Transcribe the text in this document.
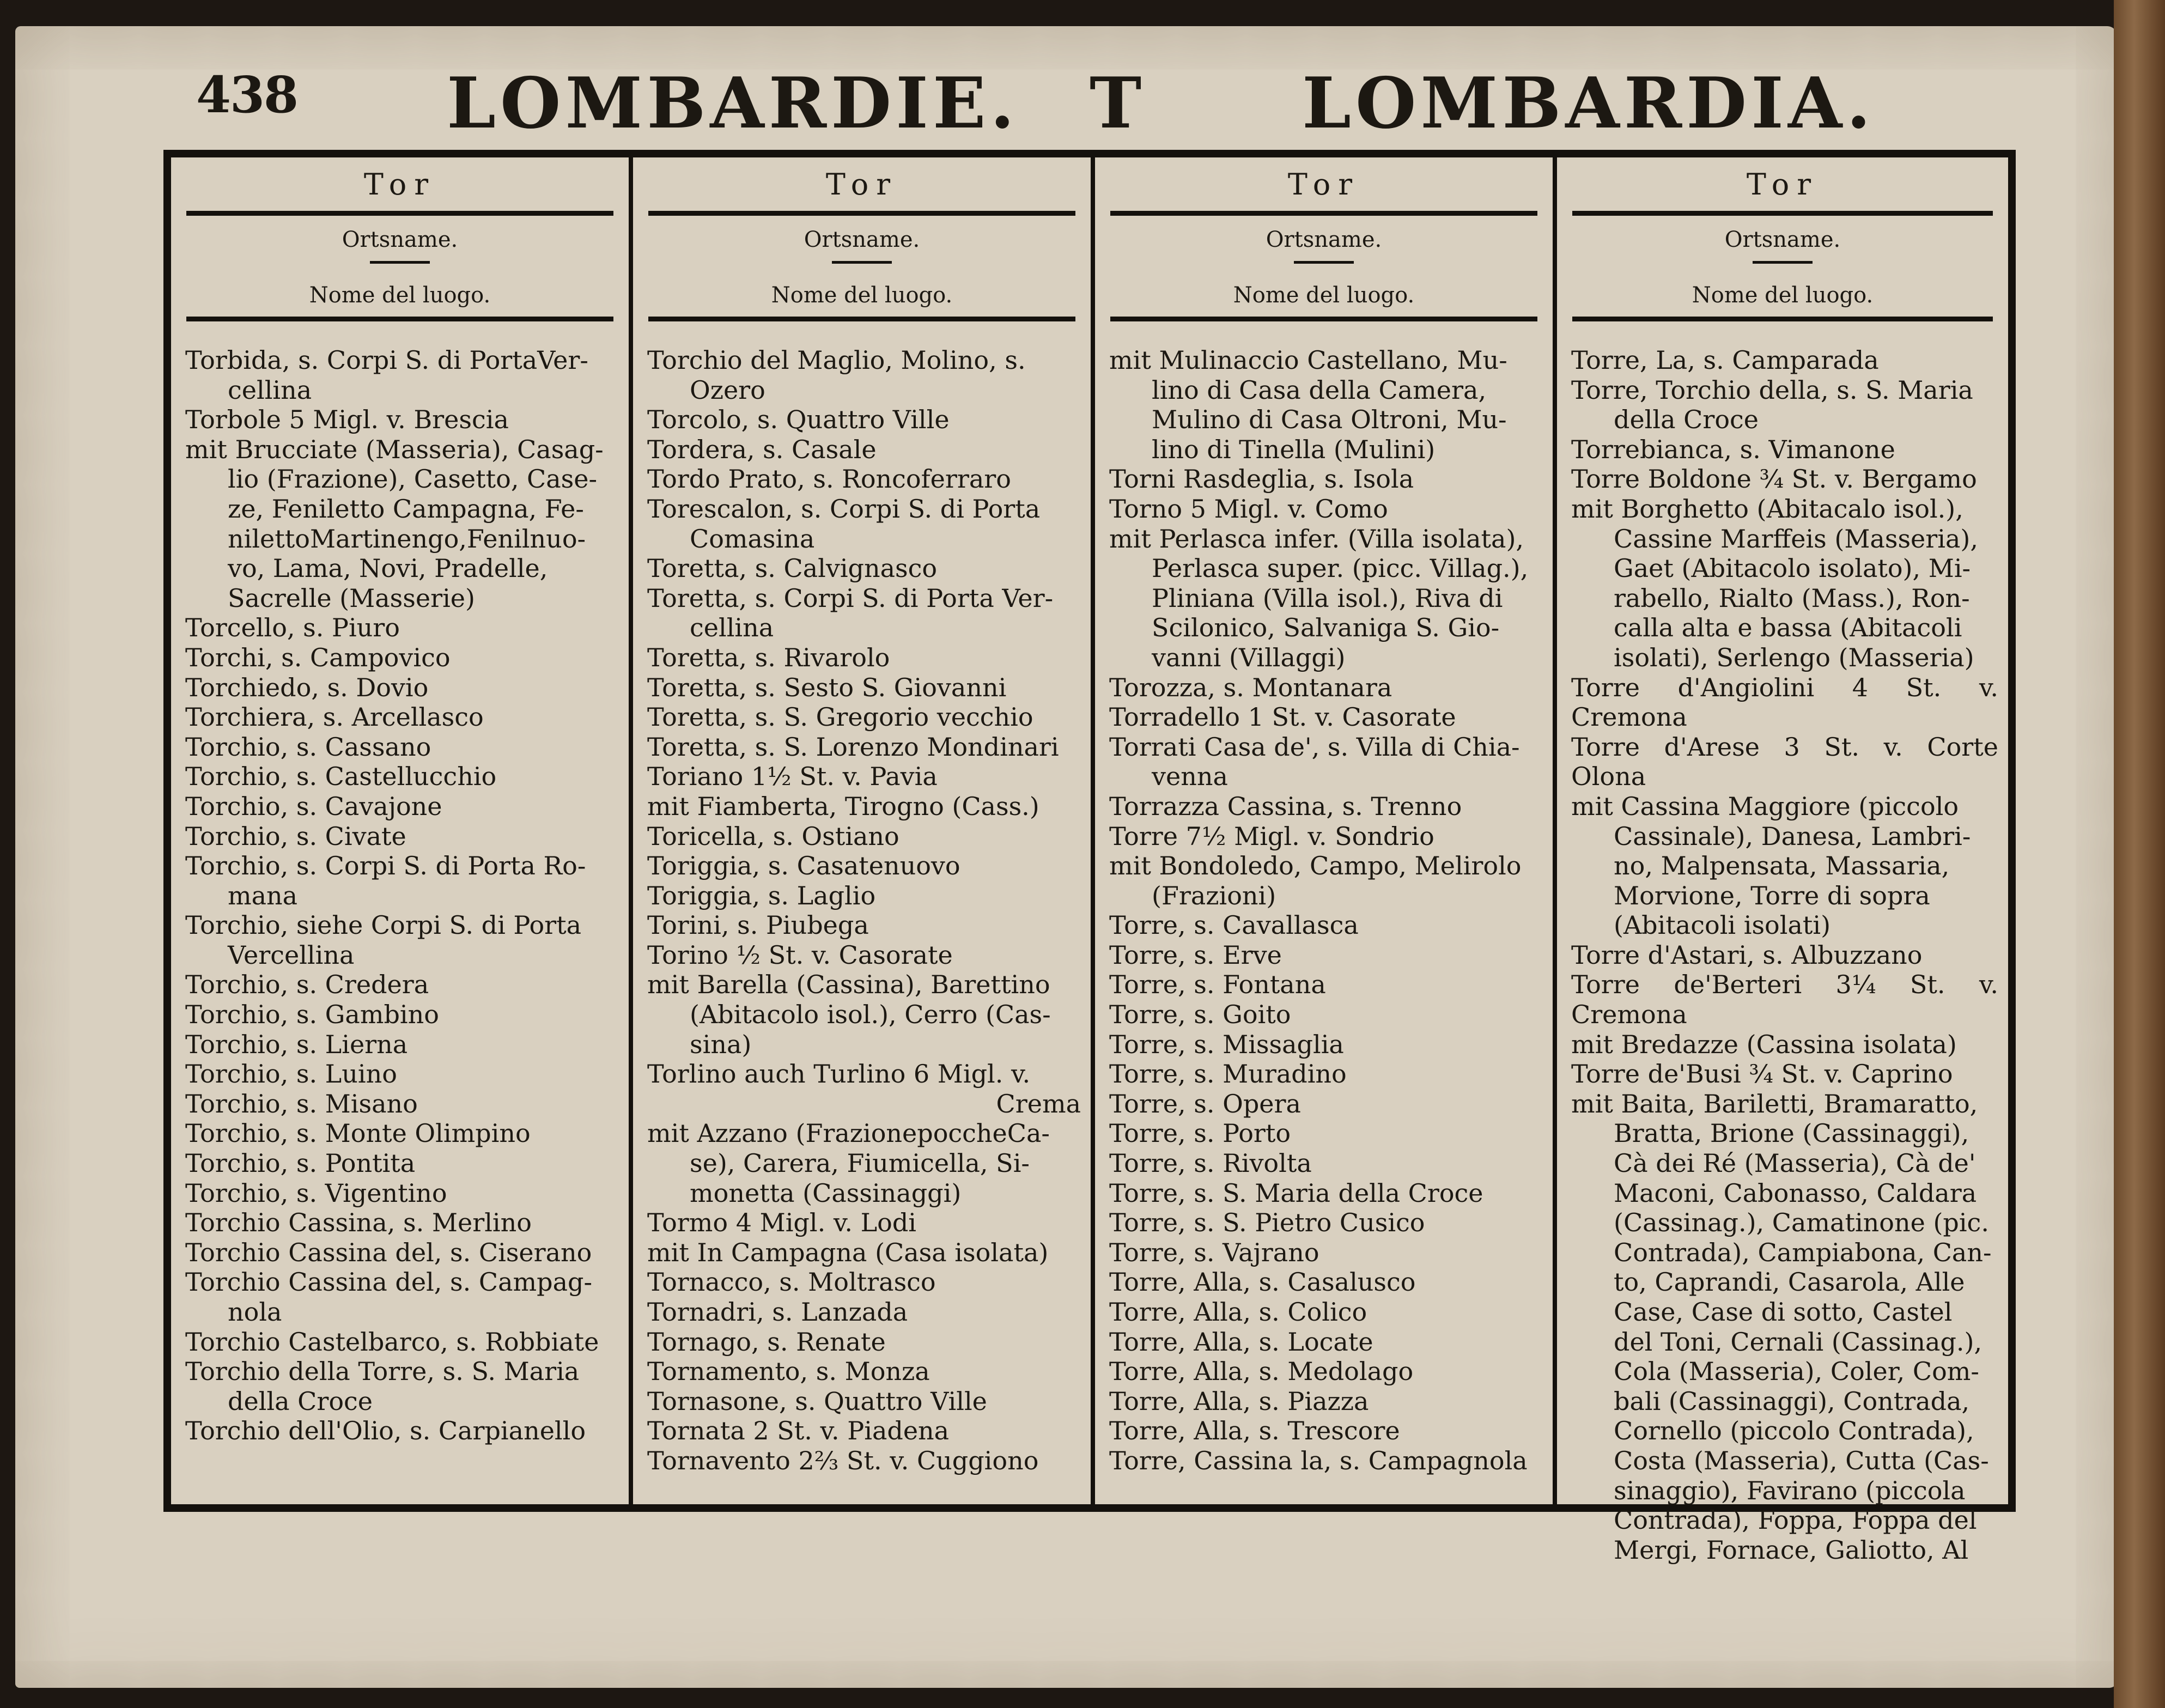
438 LOMBARDIE. T LOMBARDIA.
Tor
Ortsname.
Nome del luogo.
Torbida, s. Corpi S. di PortaVer-
cellina
Torbole 5 Migl. v. Brescia
mit Brucciate (Masseria), Casag-
lio (Frazione), Casetto, Case-
ze, Feniletto Campagna, Fe-
nilettoMartinengo,Fenilnuo-
vo, Lama, Novi, Pradelle,
Sacrelle (Masserie)
Torcello, s. Piuro
Torchi, s. Campovico
Torchiedo, s. Dovio
Torchiera, s. Arcellasco
Torchio, s. Cassano
Torchio, s. Castellucchio
Torchio, s. Cavajone
Torchio, s. Civate
Torchio, s. Corpi S. di Porta Ro-
mana
Torchio, siehe Corpi S. di Porta
Vercellina
Torchio, s. Credera
Torchio, s. Gambino
Torchio, s. Lierna
Torchio, s. Luino
Torchio, s. Misano
Torchio, s. Monte Olimpino
Torchio, s. Pontita
Torchio, s. Vigentino
Torchio Cassina, s. Merlino
Torchio Cassina del, s. Ciserano
Torchio Cassina del, s. Campag-
nola
Torchio Castelbarco, s. Robbiate
Torchio della Torre, s. S. Maria
della Croce
Torchio dell'Olio, s. Carpianello
Tor
Ortsname.
Nome del luogo.
Torchio del Maglio, Molino, s.
Ozero
Torcolo, s. Quattro Ville
Tordera, s. Casale
Tordo Prato, s. Roncoferraro
Torescalon, s. Corpi S. di Porta
Comasina
Toretta, s. Calvignasco
Toretta, s. Corpi S. di Porta Ver-
cellina
Toretta, s. Rivarolo
Toretta, s. Sesto S. Giovanni
Toretta, s. S. Gregorio vecchio
Toretta, s. S. Lorenzo Mondinari
Toriano 1½ St. v. Pavia
mit Fiamberta, Tirogno (Cass.)
Toricella, s. Ostiano
Toriggia, s. Casatenuovo
Toriggia, s. Laglio
Torini, s. Piubega
Torino ½ St. v. Casorate
mit Barella (Cassina), Barettino
(Abitacolo isol.), Cerro (Cas-
sina)
Torlino auch Turlino 6 Migl. v.
Crema
mit Azzano (FrazionepoccheCa-
se), Carera, Fiumicella, Si-
monetta (Cassinaggi)
Tormo 4 Migl. v. Lodi
mit In Campagna (Casa isolata)
Tornacco, s. Moltrasco
Tornadri, s. Lanzada
Tornago, s. Renate
Tornamento, s. Monza
Tornasone, s. Quattro Ville
Tornata 2 St. v. Piadena
Tornavento 2⅔ St. v. Cuggiono
Tor
Ortsname.
Nome del luogo.
mit Mulinaccio Castellano, Mu-
lino di Casa della Camera,
Mulino di Casa Oltroni, Mu-
lino di Tinella (Mulini)
Torni Rasdeglia, s. Isola
Torno 5 Migl. v. Como
mit Perlasca infer. (Villa isolata),
Perlasca super. (picc. Villag.),
Pliniana (Villa isol.), Riva di
Scilonico, Salvaniga S. Gio-
vanni (Villaggi)
Torozza, s. Montanara
Torradello 1 St. v. Casorate
Torrati Casa de', s. Villa di Chia-
venna
Torrazza Cassina, s. Trenno
Torre 7½ Migl. v. Sondrio
mit Bondoledo, Campo, Melirolo
(Frazioni)
Torre, s. Cavallasca
Torre, s. Erve
Torre, s. Fontana
Torre, s. Goito
Torre, s. Missaglia
Torre, s. Muradino
Torre, s. Opera
Torre, s. Porto
Torre, s. Rivolta
Torre, s. S. Maria della Croce
Torre, s. S. Pietro Cusico
Torre, s. Vajrano
Torre, Alla, s. Casalusco
Torre, Alla, s. Colico
Torre, Alla, s. Locate
Torre, Alla, s. Medolago
Torre, Alla, s. Piazza
Torre, Alla, s. Trescore
Torre, Cassina la, s. Campagnola
Tor
Ortsname.
Nome del luogo.
Torre, La, s. Camparada
Torre, Torchio della, s. S. Maria
della Croce
Torrebianca, s. Vimanone
Torre Boldone ¾ St. v. Bergamo
mit Borghetto (Abitacalo isol.),
Cassine Marffeis (Masseria),
Gaet (Abitacolo isolato), Mi-
rabello, Rialto (Mass.), Ron-
calla alta e bassa (Abitacoli
isolati), Serlengo (Masseria)
Torre d'Angiolini 4 St. v. Cremona
Torre d'Arese 3 St. v. Corte Olona
mit Cassina Maggiore (piccolo
Cassinale), Danesa, Lambri-
no, Malpensata, Massaria,
Morvione, Torre di sopra
(Abitacoli isolati)
Torre d'Astari, s. Albuzzano
Torre de'Berteri 3¼ St. v. Cremona
mit Bredazze (Cassina isolata)
Torre de'Busi ¾ St. v. Caprino
mit Baita, Bariletti, Bramaratto,
Bratta, Brione (Cassinaggi),
Cà dei Ré (Masseria), Cà de'
Maconi, Cabonasso, Caldara
(Cassinag.), Camatinone (pic.
Contrada), Campiabona, Can-
to, Caprandi, Casarola, Alle
Case, Case di sotto, Castel
del Toni, Cernali (Cassinag.),
Cola (Masseria), Coler, Com-
bali (Cassinaggi), Contrada,
Cornello (piccolo Contrada),
Costa (Masseria), Cutta (Cas-
sinaggio), Favirano (piccola
Contrada), Foppa, Foppa del
Mergi, Fornace, Galiotto, Al
